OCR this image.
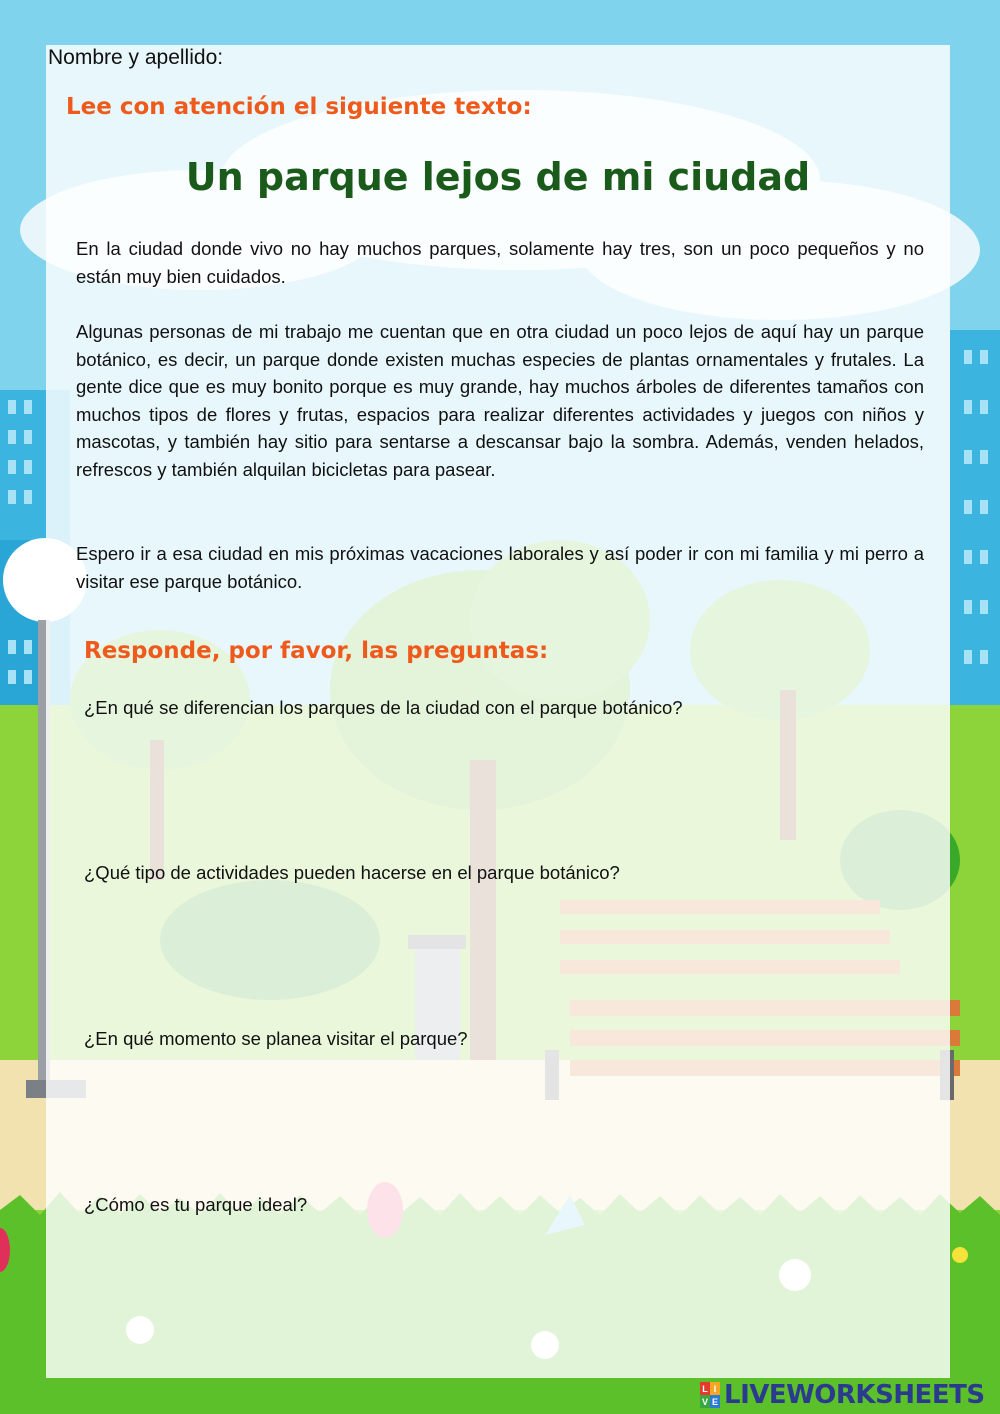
Nombre y apellido:
Lee con atención el siguiente texto:
Un parque lejos de mi ciudad
En la ciudad donde vivo no hay muchos parques, solamente hay tres, son un poco pequeños y no están muy bien cuidados.
Algunas personas de mi trabajo me cuentan que en otra ciudad un poco lejos de aquí hay un parque botánico, es decir, un parque donde existen muchas especies de plantas ornamentales y frutales. La gente dice que es muy bonito porque es muy grande, hay muchos árboles de diferentes tamaños con muchos tipos de flores y frutas, espacios para realizar diferentes actividades y juegos con niños y mascotas, y también hay sitio para sentarse a descansar bajo la sombra. Además, venden helados, refrescos y también alquilan bicicletas para pasear.
Espero ir a esa ciudad en mis próximas vacaciones laborales y así poder ir con mi familia y mi perro a visitar ese parque botánico.
Responde, por favor, las preguntas:
¿En qué se diferencian los parques de la ciudad con el parque botánico?
¿Qué tipo de actividades pueden hacerse en el parque botánico?
¿En qué momento se planea visitar el parque?
¿Cómo es tu parque ideal?
L I
V E LIVEWORKSHEETS
